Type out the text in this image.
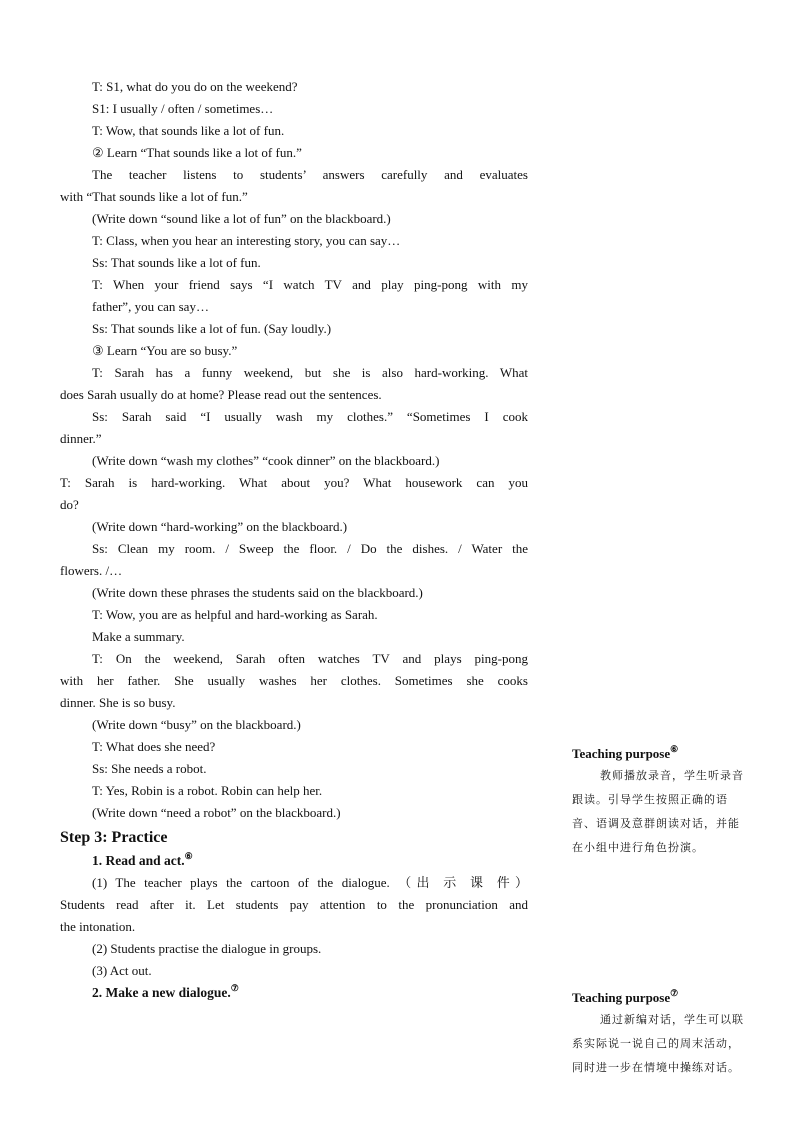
T: S1, what do you do on the weekend?
S1: I usually / often / sometimes…
T: Wow, that sounds like a lot of fun.
② Learn “That sounds like a lot of fun.”
The teacher listens to students’ answers carefully and evaluates
with “That sounds like a lot of fun.”
(Write down “sound like a lot of fun” on the blackboard.)
T: Class, when you hear an interesting story, you can say…
Ss: That sounds like a lot of fun.
T: When your friend says “I watch TV and play ping-pong with my
father”, you can say…
Ss: That sounds like a lot of fun. (Say loudly.)
③ Learn “You are so busy.”
T: Sarah has a funny weekend, but she is also hard-working. What
does Sarah usually do at home? Please read out the sentences.
Ss: Sarah said “I usually wash my clothes.” “Sometimes I cook
dinner.”
(Write down “wash my clothes” “cook dinner” on the blackboard.)
T: Sarah is hard-working. What about you? What housework can you
do?
(Write down “hard-working” on the blackboard.)
Ss: Clean my room. / Sweep the floor. / Do the dishes. / Water the
flowers. /…
(Write down these phrases the students said on the blackboard.)
T: Wow, you are as helpful and hard-working as Sarah.
Make a summary.
T: On the weekend, Sarah often watches TV and plays ping-pong
with her father. She usually washes her clothes. Sometimes she cooks
dinner. She is so busy.
(Write down “busy” on the blackboard.)
T: What does she need?
Ss: She needs a robot.
T: Yes, Robin is a robot. Robin can help her.
(Write down “need a robot” on the blackboard.)
Step 3: Practice
1. Read and act.⑥
(1) The teacher plays the cartoon of the dialogue. （出 示 课 件）
Students read after it. Let students pay attention to the pronunciation and
the intonation.
(2) Students practise the dialogue in groups.
(3) Act out.
2. Make a new dialogue.⑦
Teaching purpose⑥
教师播放录音，学生听录音跟读。引导学生按照正确的语音、语调及意群朗读对话，并能在小组中进行角色扮演。
Teaching purpose⑦
通过新编对话，学生可以联系实际说一说自己的周末活动，同时进一步在情境中操练对话。
